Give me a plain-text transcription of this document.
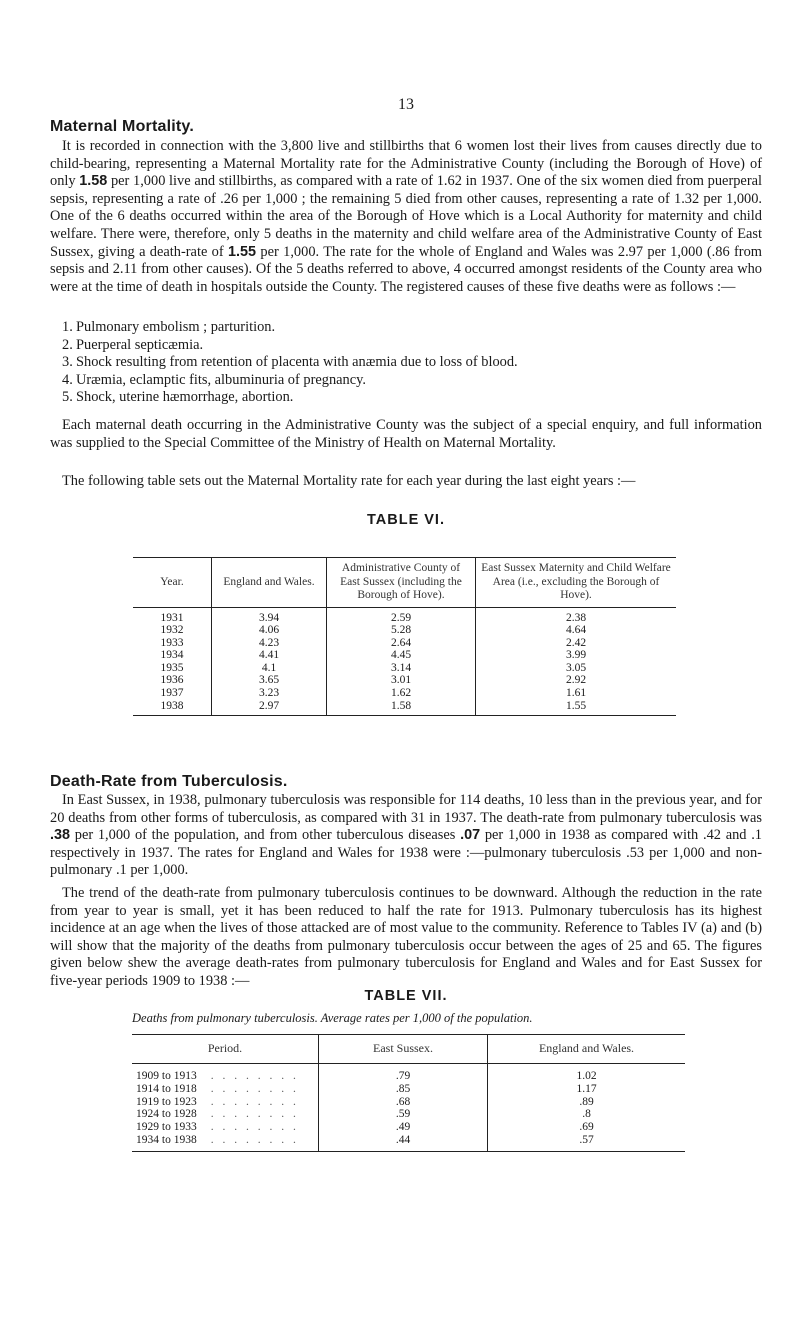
13
Maternal Mortality.

It is recorded in connection with the 3,800 live and stillbirths that 6 women lost their lives from causes directly due to child-bearing, representing a Maternal Mortality rate for the Administrative County (including the Borough of Hove) of only 1.58 per 1,000 live and stillbirths, as compared with a rate of 1.62 in 1937. One of the six women died from puerperal sepsis, representing a rate of .26 per 1,000 ; the remaining 5 died from other causes, representing a rate of 1.32 per 1,000. One of the 6 deaths occurred within the area of the Borough of Hove which is a Local Authority for maternity and child welfare. There were, therefore, only 5 deaths in the maternity and child welfare area of the Administrative County of East Sussex, giving a death-rate of 1.55 per 1,000. The rate for the whole of England and Wales was 2.97 per 1,000 (.86 from sepsis and 2.11 from other causes). Of the 5 deaths referred to above, 4 occurred amongst residents of the County area who were at the time of death in hospitals outside the County. The registered causes of these five deaths were as follows :—

1. Pulmonary embolism ; parturition.
2. Puerperal septicæmia.
3. Shock resulting from retention of placenta with anæmia due to loss of blood.
4. Uræmia, eclamptic fits, albuminuria of pregnancy.
5. Shock, uterine hæmorrhage, abortion.

Each maternal death occurring in the Administrative County was the subject of a special enquiry, and full information was supplied to the Special Committee of the Ministry of Health on Maternal Mortality.

The following table sets out the Maternal Mortality rate for each year during the last eight years :—

TABLE VI.
Year.	England and Wales.	Administrative County of East Sussex (including the Borough of Hove).	East Sussex Maternity and Child Welfare Area (i.e., excluding the Borough of Hove).
1931	3.94	2.59	2.38
1932	4.06	5.28	4.64
1933	4.23	2.64	2.42
1934	4.41	4.45	3.99
1935	4.1	3.14	3.05
1936	3.65	3.01	2.92
1937	3.23	1.62	1.61
1938	2.97	1.58	1.55
Death-Rate from Tuberculosis.

In East Sussex, in 1938, pulmonary tuberculosis was responsible for 114 deaths, 10 less than in the previous year, and for 20 deaths from other forms of tuberculosis, as compared with 31 in 1937. The death-rate from pulmonary tuberculosis was .38 per 1,000 of the population, and from other tuberculous diseases .07 per 1,000 in 1938 as compared with .42 and .1 respectively in 1937. The rates for England and Wales for 1938 were :—pulmonary tuberculosis .53 per 1,000 and non-pulmonary .1 per 1,000.

The trend of the death-rate from pulmonary tuberculosis continues to be downward. Although the reduction in the rate from year to year is small, yet it has been reduced to half the rate for 1913. Pulmonary tuberculosis has its highest incidence at an age when the lives of those attacked are of most value to the community. Reference to Tables IV (a) and (b) will show that the majority of the deaths from pulmonary tuberculosis occur between the ages of 25 and 65. The figures given below shew the average death-rates from pulmonary tuberculosis for England and Wales and for East Sussex for five-year periods 1909 to 1938 :—

TABLE VII.
Deaths from pulmonary tuberculosis. Average rates per 1,000 of the population.
Period.	East Sussex.	England and Wales.
1909 to 1913 . . . . . . . .	.79	1.02
1914 to 1918 . . . . . . . .	.85	1.17
1919 to 1923 . . . . . . . .	.68	.89
1924 to 1928 . . . . . . . .	.59	.8
1929 to 1933 . . . . . . . .	.49	.69
1934 to 1938 . . . . . . . .	.44	.57
